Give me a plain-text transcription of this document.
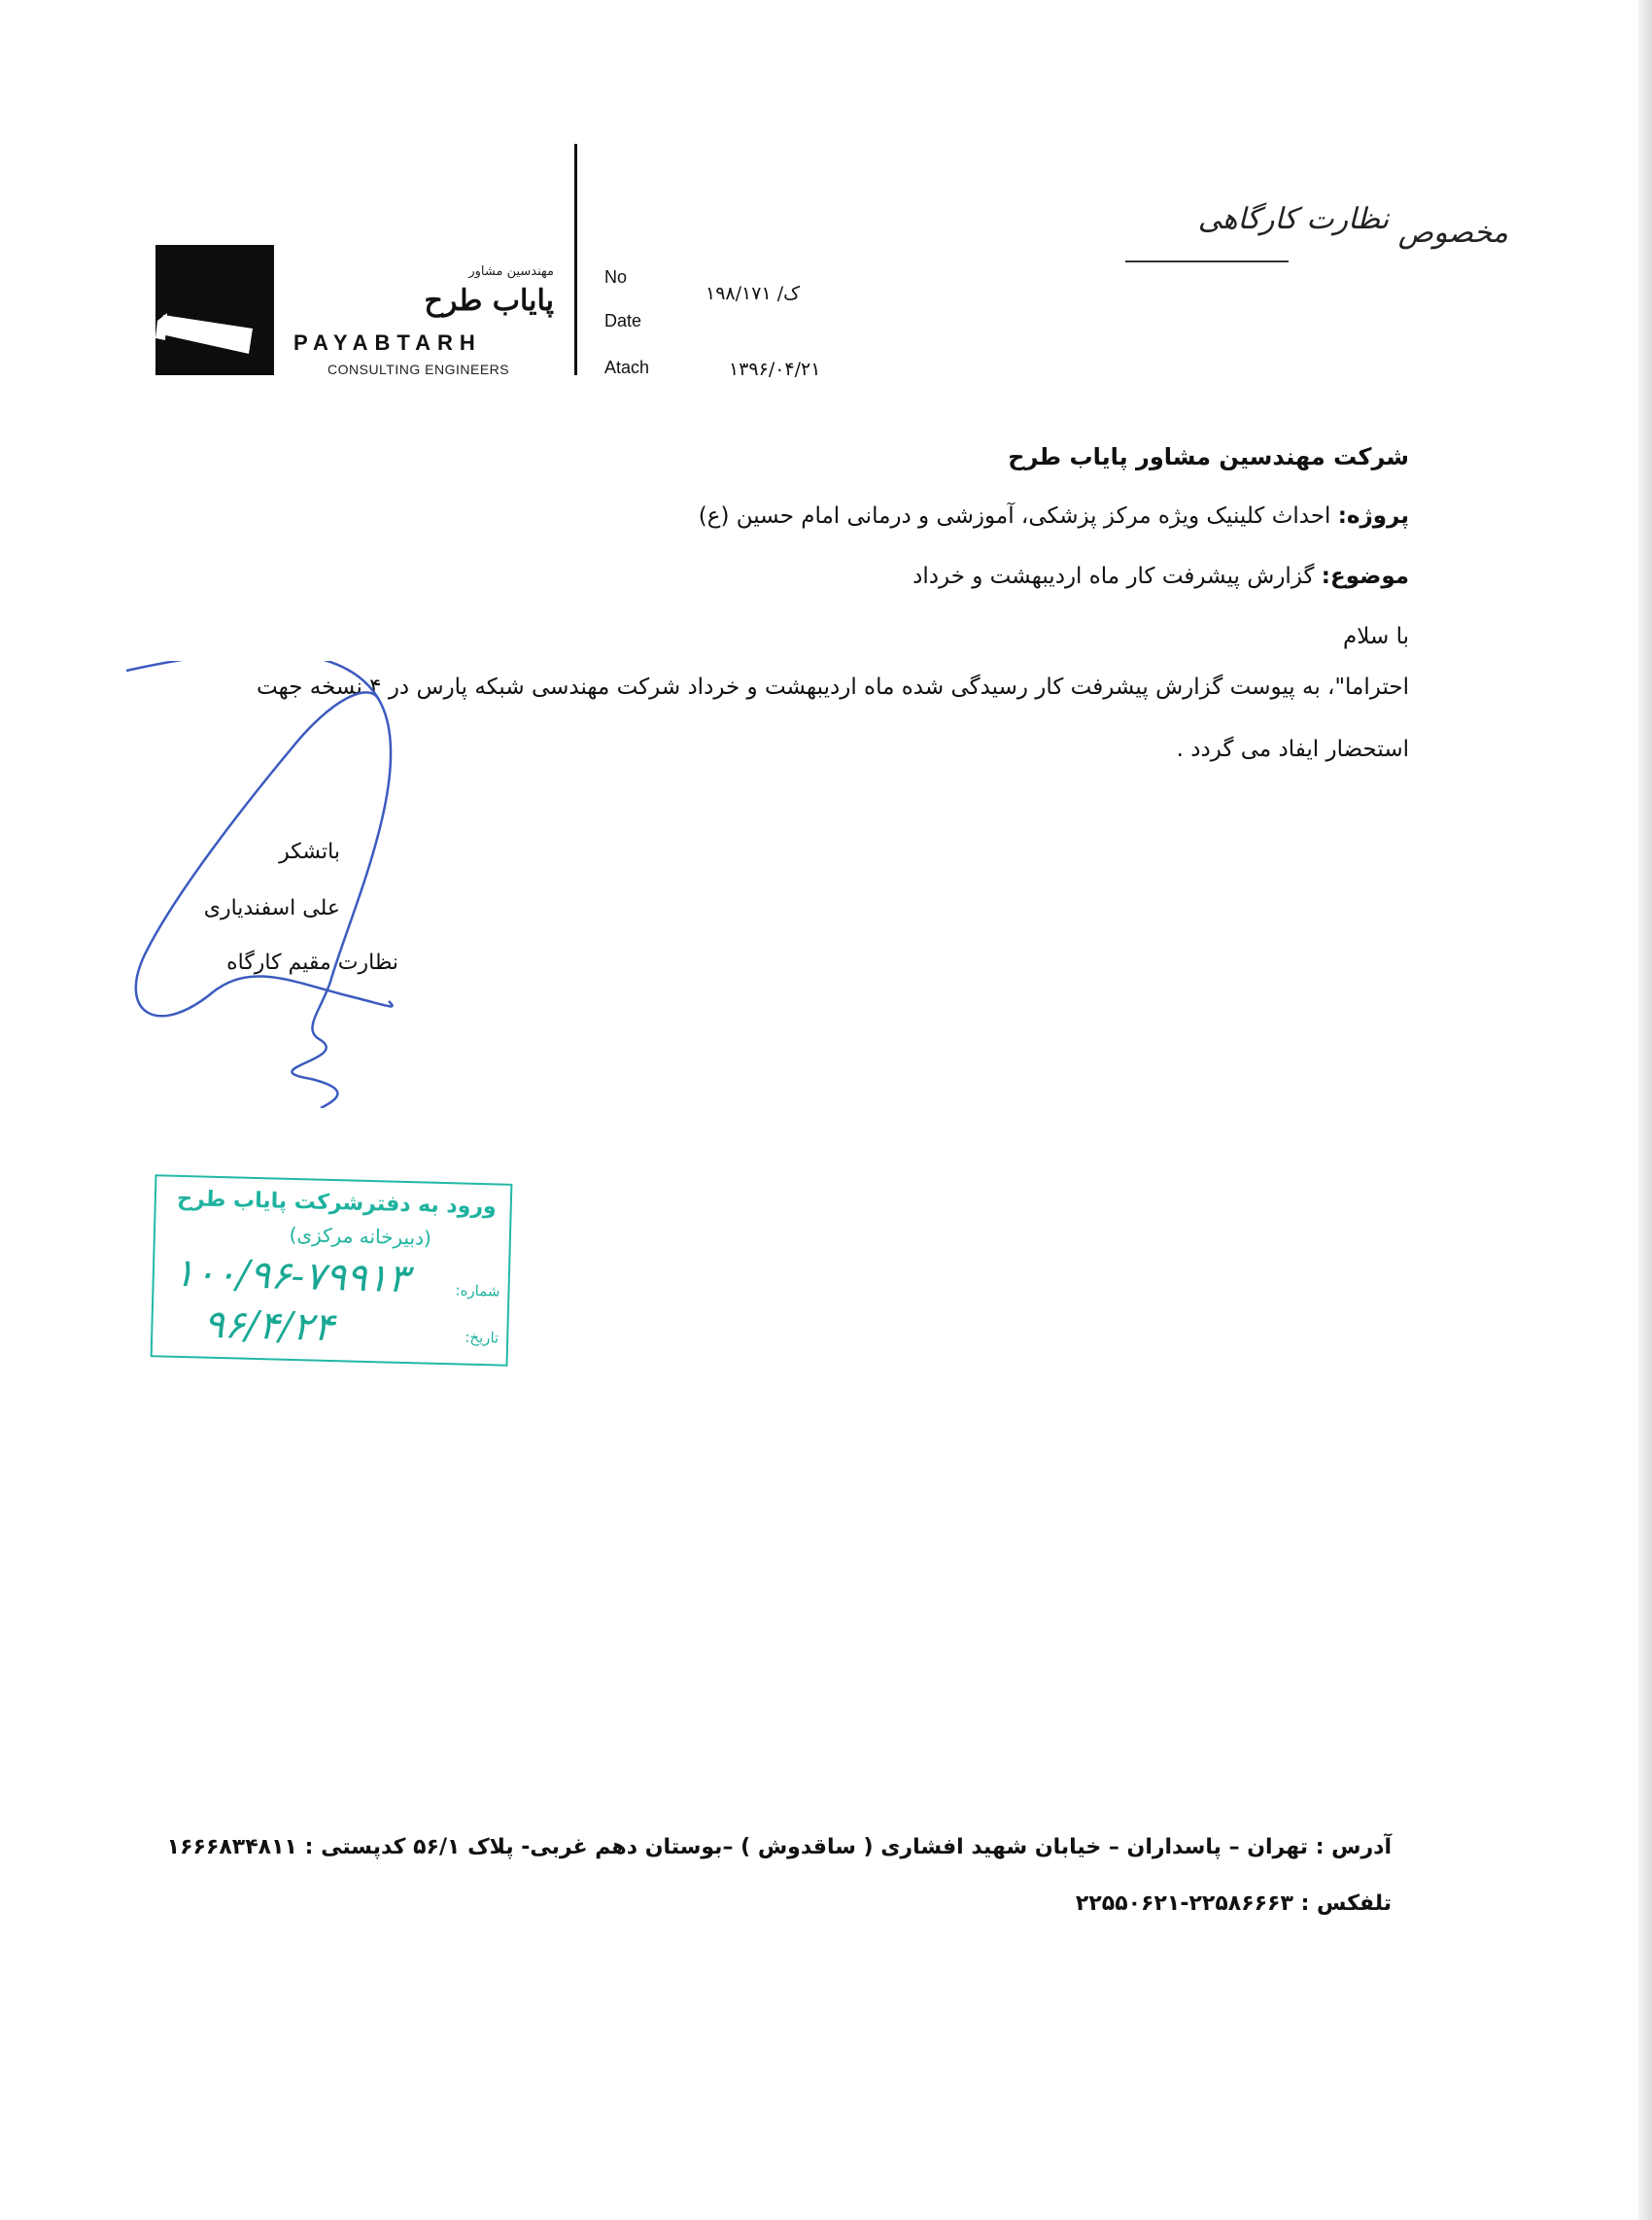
مخصوص نظارت کارگاهی
مهندسین مشاور
پایاب طرح
PAYABTARH
CONSULTING ENGINEERS
No
Date
Atach
۱۹۸/ک/ ۱۷۱
۱۳۹۶/۰۴/۲۱
شرکت مهندسین مشاور پایاب طرح
پروژه: احداث کلینیک ویژه مرکز پزشکی، آموزشی و درمانی امام حسین (ع)
موضوع: گزارش پیشرفت کار ماه اردیبهشت و خرداد
با سلام
احتراما"، به پیوست گزارش پیشرفت کار رسیدگی شده ماه اردیبهشت و خرداد شرکت مهندسی شبکه پارس در ۴ نسخه جهت
استحضار ایفاد می گردد .
باتشکر
علی اسفندیاری
نظارت مقیم کارگاه
ورود به دفترشرکت پایاب طرح
(دبیرخانه مرکزی)
شماره:
تاریخ:
۱۰۰/۹۶-۷۹۹۱۳
۹۶/۴/۲۴
آدرس : تهران – پاسداران – خیابان شهید افشاری ( ساقدوش ) –بوستان دهم غربی- پلاک ۵۶/۱ کدپستی : ۱۶۶۶۸۳۴۸۱۱
تلفکس : ۲۲۵۸۶۶۶۳-۲۲۵۵۰۶۲۱
